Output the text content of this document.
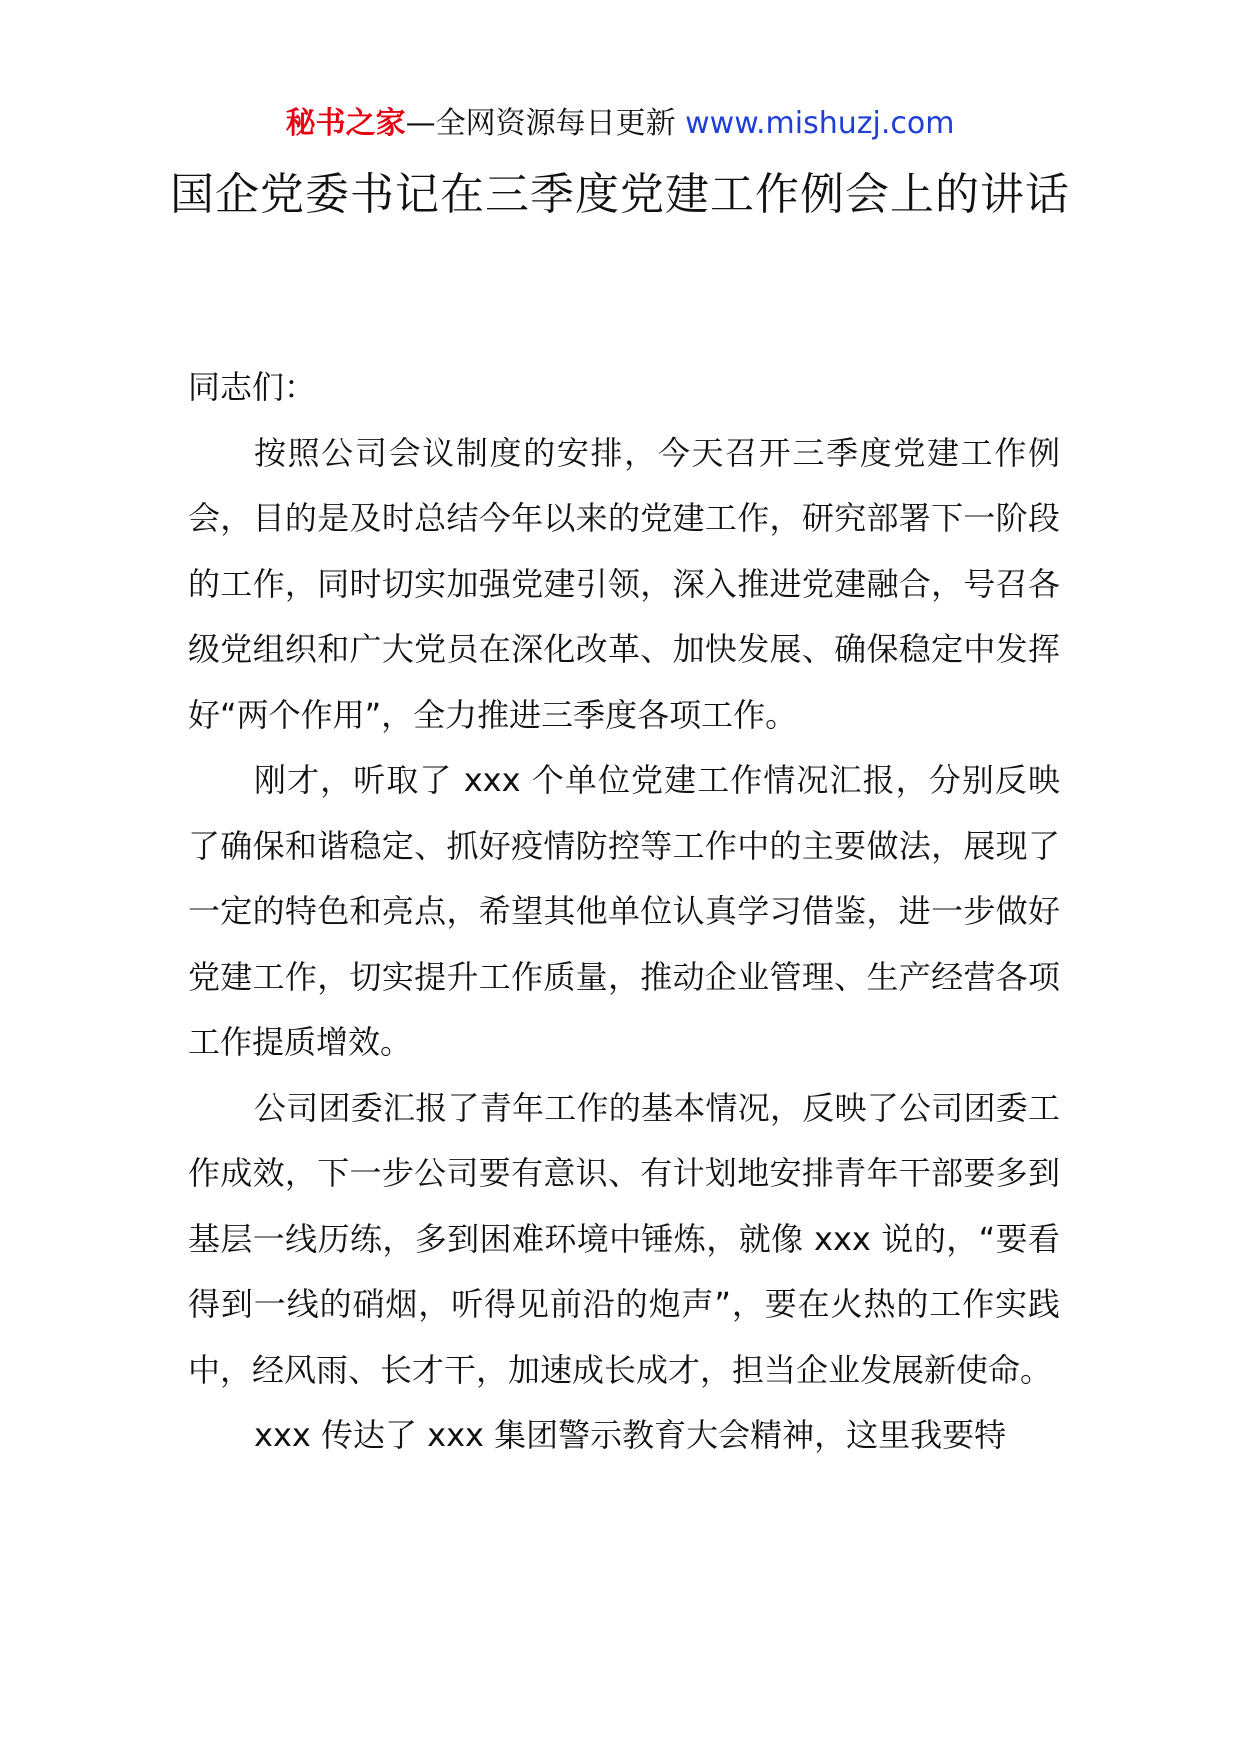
秘书之家—全网资源每日更新 www.mishuzj.com
国企党委书记在三季度党建工作例会上的讲话

同志们：

按照公司会议制度的安排，今天召开三季度党建工作例会，目的是及时总结今年以来的党建工作，研究部署下一阶段的工作，同时切实加强党建引领，深入推进党建融合，号召各级党组织和广大党员在深化改革、加快发展、确保稳定中发挥好“两个作用”，全力推进三季度各项工作。

刚才，听取了 xxx 个单位党建工作情况汇报，分别反映了确保和谐稳定、抓好疫情防控等工作中的主要做法，展现了一定的特色和亮点，希望其他单位认真学习借鉴，进一步做好党建工作，切实提升工作质量，推动企业管理、生产经营各项工作提质增效。

公司团委汇报了青年工作的基本情况，反映了公司团委工作成效，下一步公司要有意识、有计划地安排青年干部要多到基层一线历练，多到困难环境中锤炼，就像 xxx 说的，“要看得到一线的硝烟，听得见前沿的炮声”，要在火热的工作实践中，经风雨、长才干，加速成长成才，担当企业发展新使命。

xxx 传达了 xxx 集团警示教育大会精神，这里我要特
